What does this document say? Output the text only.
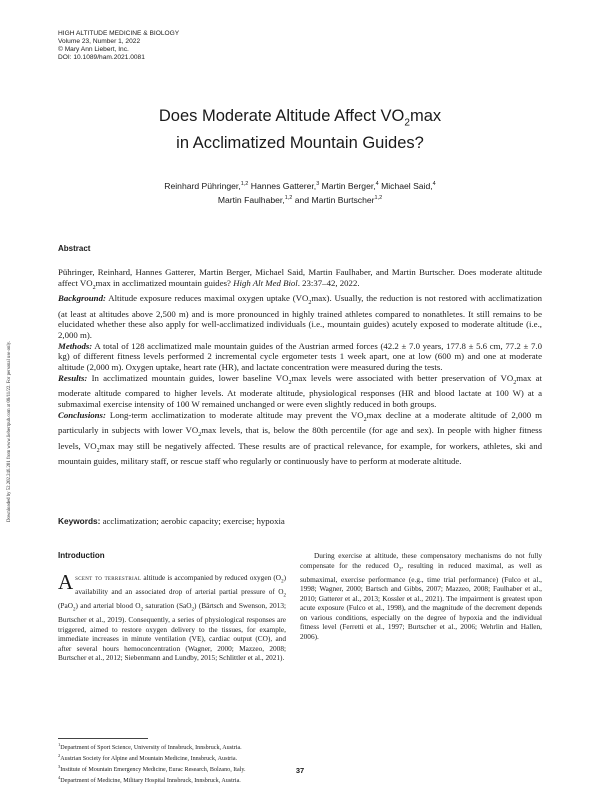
HIGH ALTITUDE MEDICINE & BIOLOGY
Volume 23, Number 1, 2022
© Mary Ann Liebert, Inc.
DOI: 10.1089/ham.2021.0081
Downloaded by 52.202.246.201 from www.liebertpub.com at 08/11/22. For personal use only.
Does Moderate Altitude Affect $VO_2\max$
in Acclimatized Mountain Guides?
Reinhard Pühringer,$^{1,2}$ Hannes Gatterer,$^3$ Martin Berger,$^4$ Michael Said,$^4$
Martin Faulhaber,$^{1,2}$ and Martin Burtscher$^{1,2}$
Abstract

Pühringer, Reinhard, Hannes Gatterer, Martin Berger, Michael Said, Martin Faulhaber, and Martin Burtscher. Does moderate altitude affect $VO_2\max$ in acclimatized mountain guides? High Alt Med Biol. 23:37–42, 2022.

Background: Altitude exposure reduces maximal oxygen uptake $(VO_2\max)$. Usually, the reduction is not restored with acclimatization (at least at altitudes above 2,500 m) and is more pronounced in highly trained athletes compared to nonathletes. It still remains to be elucidated whether these also apply for well-acclimatized individuals (i.e., mountain guides) acutely exposed to moderate altitude (i.e., 2,000 m).

Methods: A total of 128 acclimatized male mountain guides of the Austrian armed forces (42.2 ± 7.0 years, 177.8 ± 5.6 cm, 77.2 ± 7.0 kg) of different fitness levels performed 2 incremental cycle ergometer tests 1 week apart, one at low (600 m) and one at moderate altitude (2,000 m). Oxygen uptake, heart rate (HR), and lactate concentration were measured during the tests.

Results: In acclimatized mountain guides, lower baseline $VO_2\max$ levels were associated with better preservation of $VO_2\max$ at moderate altitude compared to higher levels. At moderate altitude, physiological responses (HR and blood lactate at 100 W) at a submaximal exercise intensity of 100 W remained unchanged or were even slightly reduced in both groups.

Conclusions: Long-term acclimatization to moderate altitude may prevent the $VO_2\max$ decline at a moderate altitude of 2,000 m particularly in subjects with lower $VO_2\max$ levels, that is, below the 80th percentile (for age and sex). In people with higher fitness levels, $VO_2\max$ may still be negatively affected. These results are of practical relevance, for example, for workers, athletes, ski and mountain guides, military staff, or rescue staff who regularly or continuously have to perform at moderate altitude.

Keywords: acclimatization; aerobic capacity; exercise; hypoxia
Introduction
Ascent to terrestrial altitude is accompanied by reduced oxygen $(O_2)$ availability and an associated drop of arterial partial pressure of $O_2$ (PaO$_2$) and arterial blood $O_2$ saturation (SaO$_2$) (Bärtsch and Swenson, 2013; Burtscher et al., 2019). Consequently, a series of physiological responses are triggered, aimed to restore oxygen delivery to the tissues, for example, immediate increases in minute ventilation (VE), cardiac output (CO), and after several hours hemoconcentration (Wagner, 2000; Mazzeo, 2008; Burtscher et al., 2012; Siebenmann and Lundby, 2015; Schlittler et al., 2021).
During exercise at altitude, these compensatory mechanisms do not fully compensate for the reduced $O_2$, resulting in reduced maximal, as well as submaximal, exercise performance (e.g., time trial performance) (Fulco et al., 1998; Wagner, 2000; Bartsch and Gibbs, 2007; Mazzeo, 2008; Faulhaber et al., 2010; Gatterer et al., 2013; Kossler et al., 2021). The impairment is greatest upon acute exposure (Fulco et al., 1998), and the magnitude of the decrement depends on various conditions, especially on the degree of hypoxia and the individual fitness level (Ferretti et al., 1997; Burtscher et al., 2006; Wehrlin and Hallen, 2006).
$^1$Department of Sport Science, University of Innsbruck, Innsbruck, Austria.
$^2$Austrian Society for Alpine and Mountain Medicine, Innsbruck, Austria.
$^3$Institute of Mountain Emergency Medicine, Eurac Research, Bolzano, Italy.
$^4$Department of Medicine, Military Hospital Innsbruck, Innsbruck, Austria.
37
